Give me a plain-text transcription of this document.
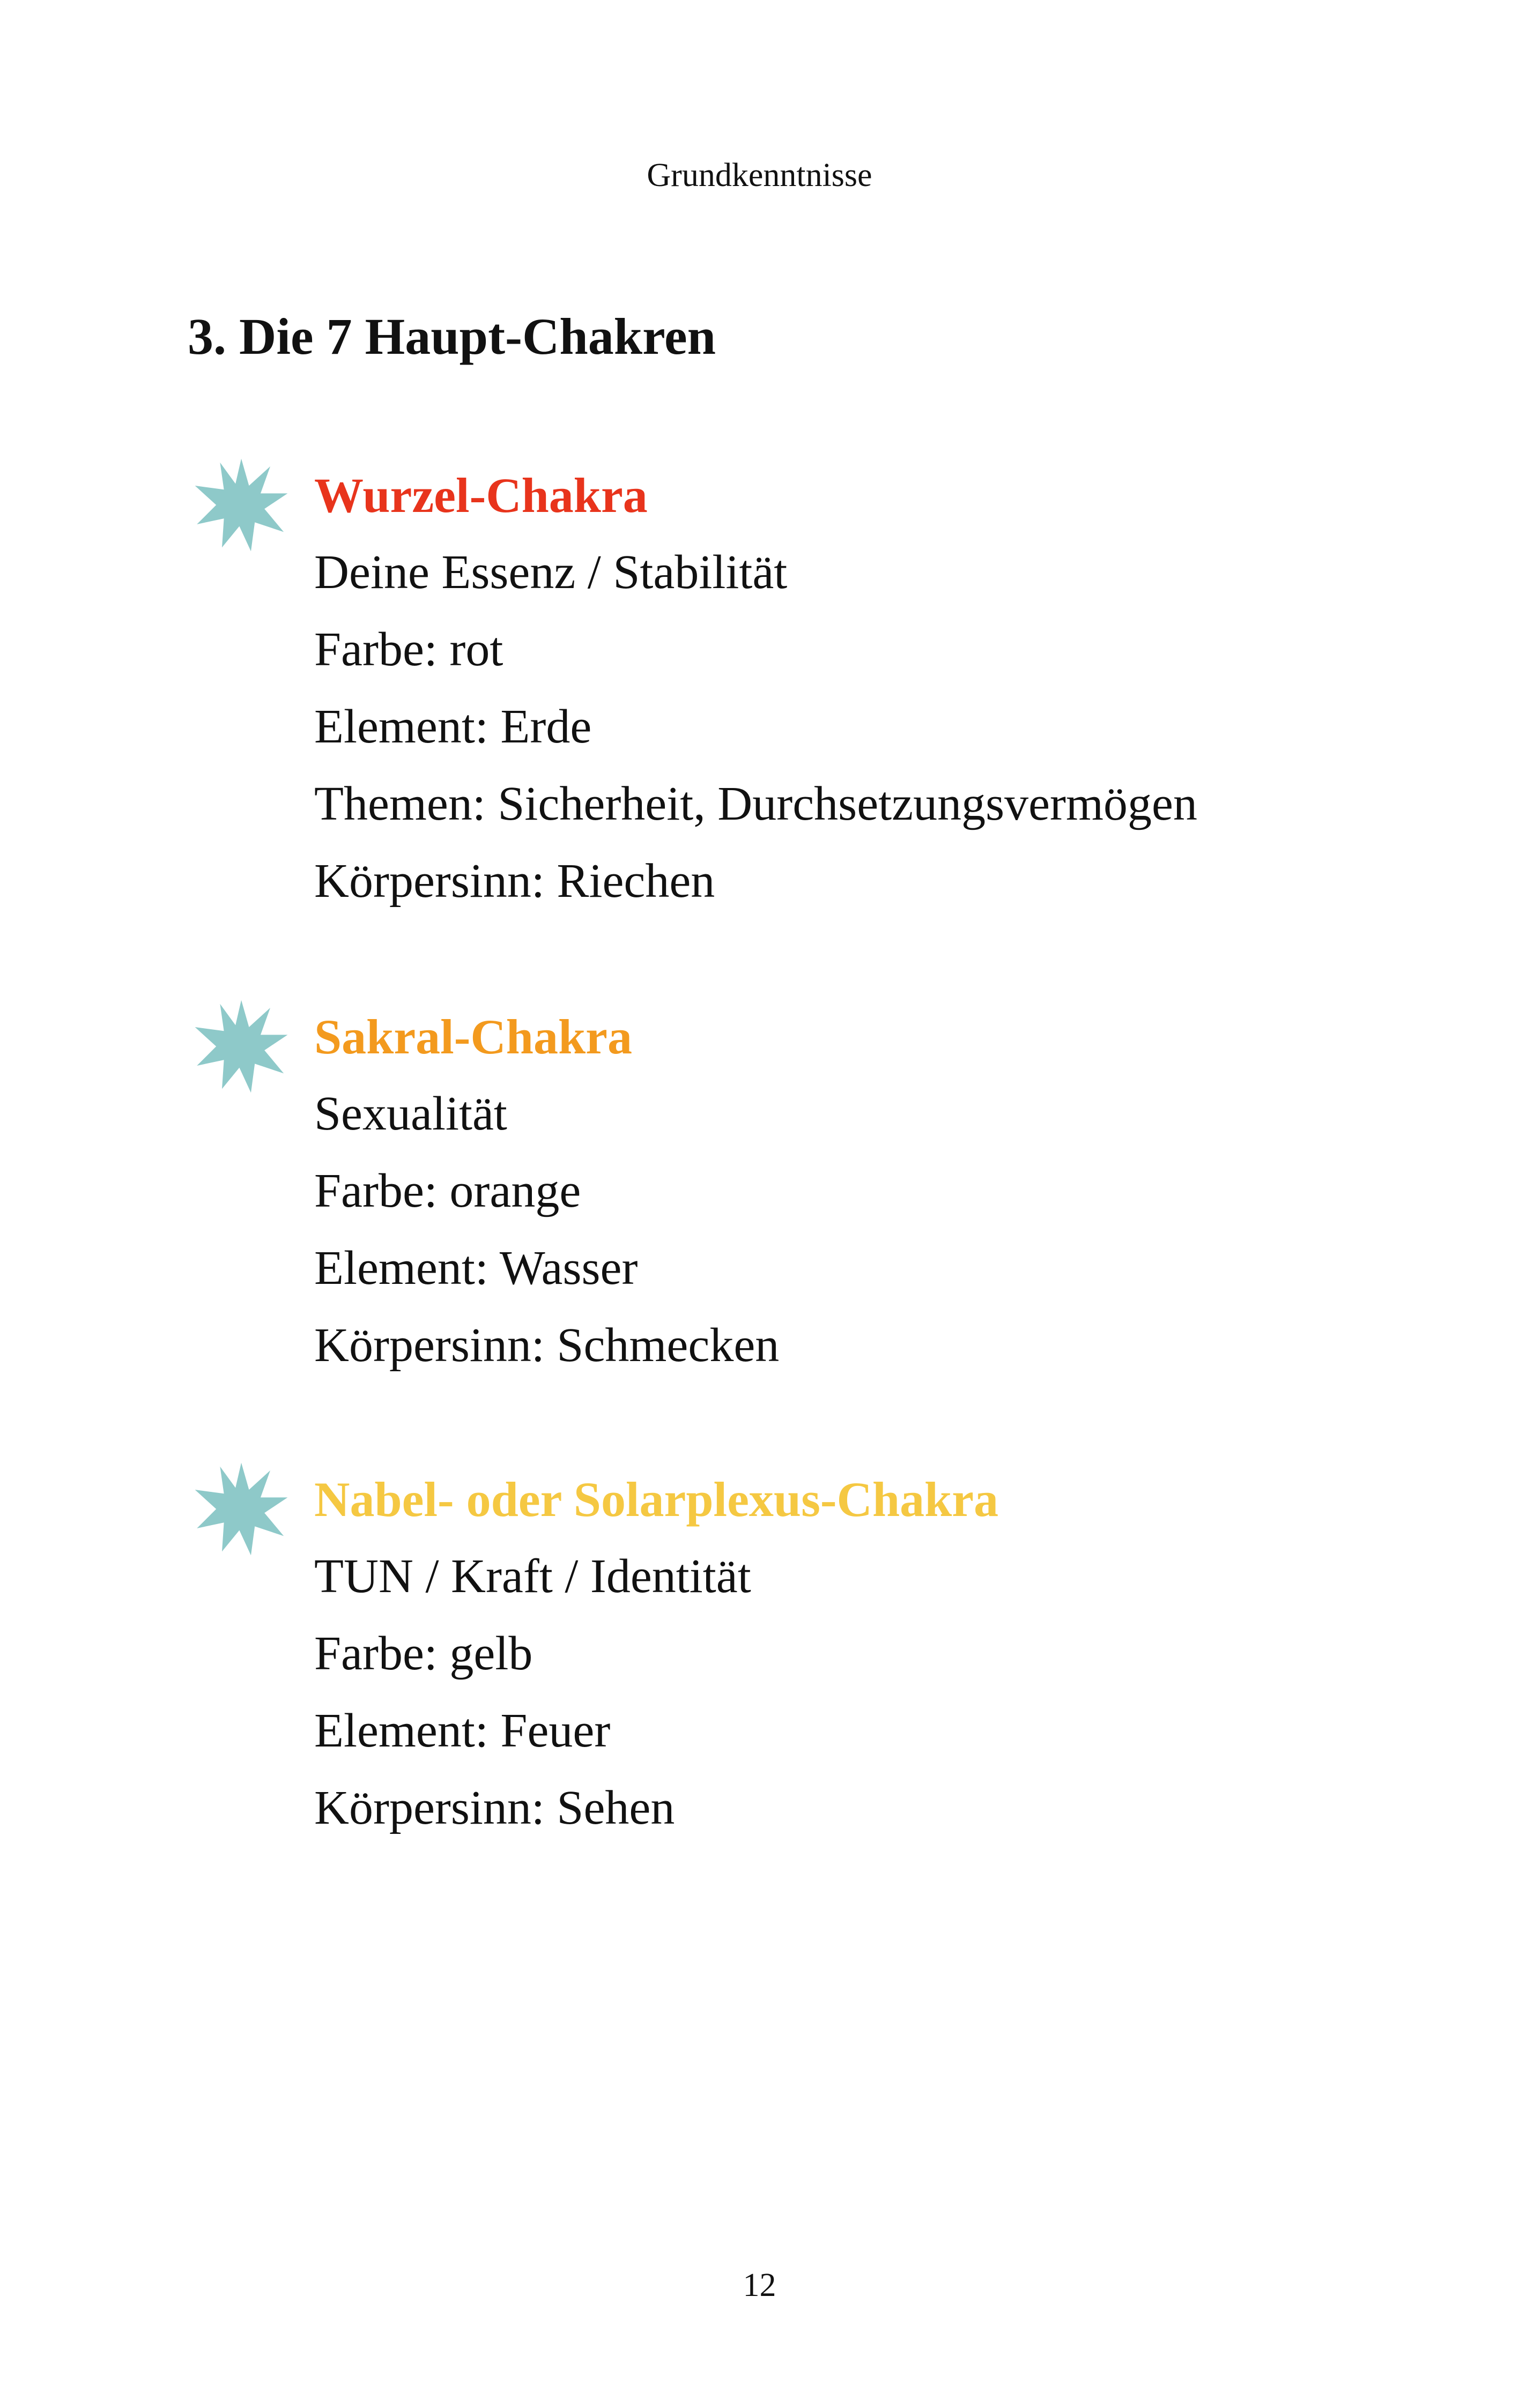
Grundkenntnisse
3. Die 7 Haupt-Chakren
Wurzel-Chakra
Deine Essenz / Stabilität
Farbe: rot
Element: Erde
Themen: Sicherheit, Durchsetzungsvermögen
Körpersinn: Riechen
Sakral-Chakra
Sexualität
Farbe: orange
Element: Wasser
Körpersinn: Schmecken
Nabel- oder Solarplexus-Chakra
TUN / Kraft / Identität
Farbe: gelb
Element: Feuer
Körpersinn: Sehen
12
